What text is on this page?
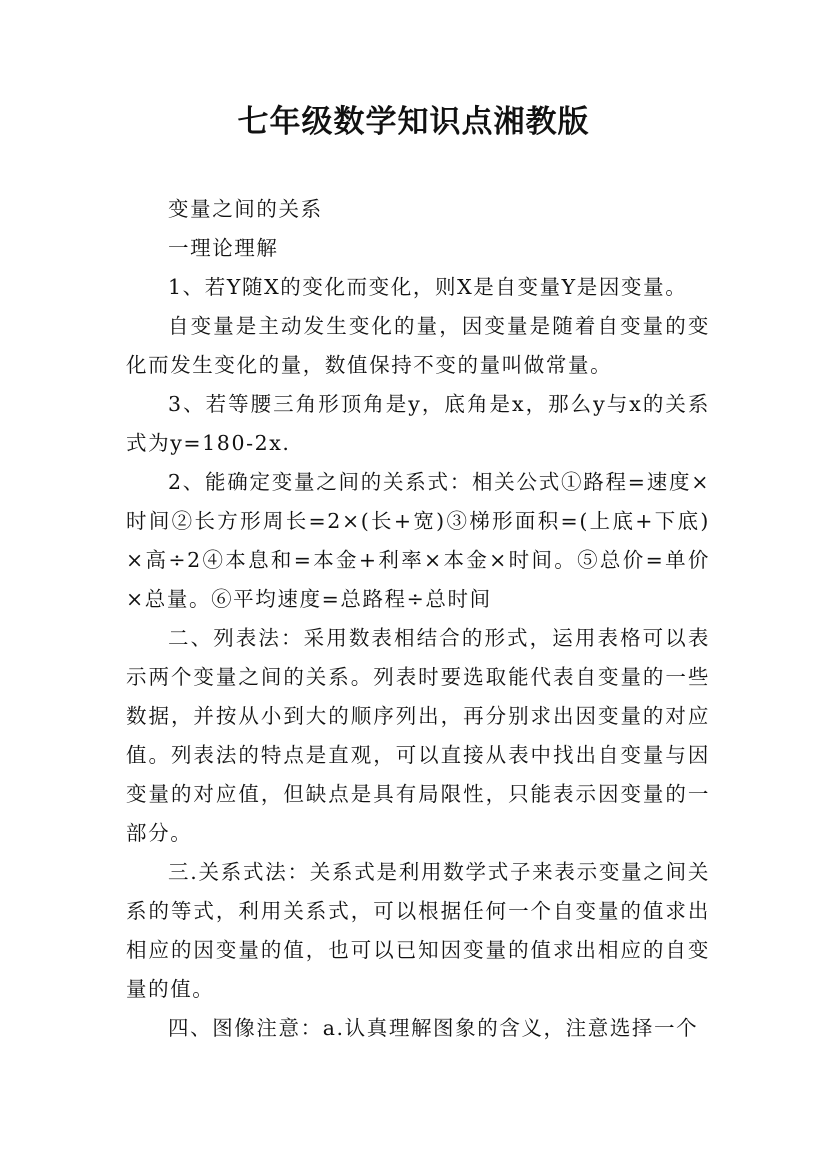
七年级数学知识点湘教版

变量之间的关系

一理论理解

1、若Y随X的变化而变化，则X是自变量Y是因变量。

自变量是主动发生变化的量，因变量是随着自变量的变化而发生变化的量，数值保持不变的量叫做常量。

3、若等腰三角形顶角是y，底角是x，那么y与x的关系式为y=180-2x.

2、能确定变量之间的关系式：相关公式①路程=速度×时间②长方形周长=2×(长+宽)③梯形面积=(上底+下底)×高÷2④本息和=本金+利率×本金×时间。⑤总价=单价×总量。⑥平均速度=总路程÷总时间

二、列表法：采用数表相结合的形式，运用表格可以表示两个变量之间的关系。列表时要选取能代表自变量的一些数据，并按从小到大的顺序列出，再分别求出因变量的对应值。列表法的特点是直观，可以直接从表中找出自变量与因变量的对应值，但缺点是具有局限性，只能表示因变量的一部分。

三.关系式法：关系式是利用数学式子来表示变量之间关系的等式，利用关系式，可以根据任何一个自变量的值求出相应的因变量的值，也可以已知因变量的值求出相应的自变量的值。

四、图像注意：a.认真理解图象的含义，注意选择一个
